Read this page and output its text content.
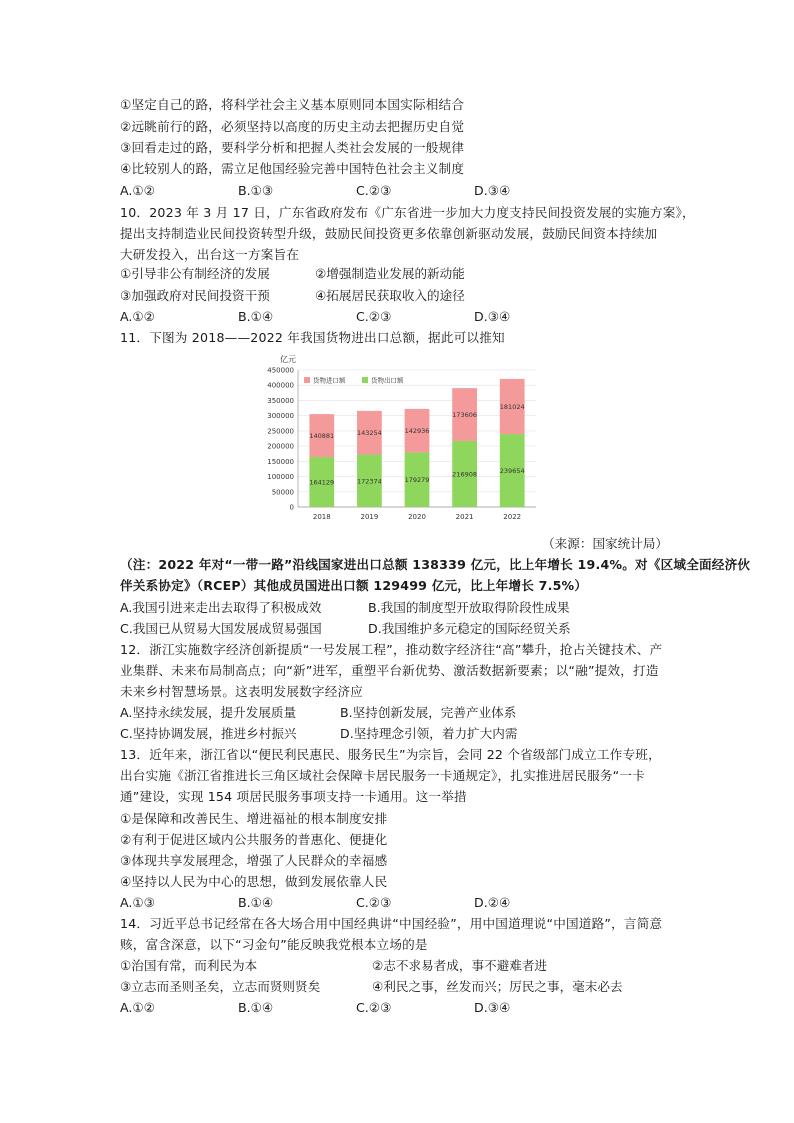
①坚定自己的路，将科学社会主义基本原则同本国实际相结合
②远眺前行的路，必须坚持以高度的历史主动去把握历史自觉
③回看走过的路，要科学分析和把握人类社会发展的一般规律
④比较别人的路，需立足他国经验完善中国特色社会主义制度
A.①②	B.①③	C.②③	D.③④
10．2023 年 3 月 17 日，广东省政府发布《广东省进一步加大力度支持民间投资发展的实施方案》，
提出支持制造业民间投资转型升级，鼓励民间投资更多依靠创新驱动发展，鼓励民间资本持续加
大研发投入，出台这一方案旨在
①引导非公有制经济的发展	②增强制造业发展的新动能
③加强政府对民间投资干预	④拓展居民获取收入的途径
A.①②	B.①④	C.②③	D.③④
11．下图为 2018——2022 年我国货物进出口总额，据此可以推知
亿元
0
50000
100000
150000
200000
250000
300000
350000
400000
450000
164129
140881
2018
172374
143254
2019
179279
142936
2020
216908
173606
2021
239654
181024
2022
货物进口额	货物出口额
（来源：国家统计局）
（注：2022 年对“一带一路”沿线国家进出口总额 138339 亿元，比上年增长 19.4%。对《区域全面经济伙
伴关系协定》（RCEP）其他成员国进出口额 129499 亿元，比上年增长 7.5%）
A.我国引进来走出去取得了积极成效	B.我国的制度型开放取得阶段性成果
C.我国已从贸易大国发展成贸易强国	D.我国维护多元稳定的国际经贸关系
12．浙江实施数字经济创新提质“一号发展工程”，推动数字经济往“高”攀升，抢占关键技术、产
业集群、未来布局制高点；向“新”进军，重塑平台新优势、激活数据新要素；以“融”提效，打造
未来乡村智慧场景。这表明发展数字经济应
A.坚持永续发展，提升发展质量	B.坚持创新发展，完善产业体系
C.坚持协调发展，推进乡村振兴	D.坚持理念引领，着力扩大内需
13．近年来，浙江省以“便民利民惠民、服务民生”为宗旨，会同 22 个省级部门成立工作专班，
出台实施《浙江省推进长三角区域社会保障卡居民服务一卡通规定》，扎实推进居民服务“一卡
通”建设，实现 154 项居民服务事项支持一卡通用。这一举措
①是保障和改善民生、增进福祉的根本制度安排
②有利于促进区域内公共服务的普惠化、便捷化
③体现共享发展理念，增强了人民群众的幸福感
④坚持以人民为中心的思想，做到发展依靠人民
A.①③	B.①④	C.②③	D.②④
14．习近平总书记经常在各大场合用中国经典讲“中国经验”，用中国道理说“中国道路”，言简意
赅，富含深意，以下“习金句”能反映我党根本立场的是
①治国有常，而利民为本	②志不求易者成，事不避难者进
③立志而圣则圣矣，立志而贤则贤矣	④利民之事，丝发而兴；厉民之事，毫末必去
A.①②	B.①④	C.②③	D.③④
